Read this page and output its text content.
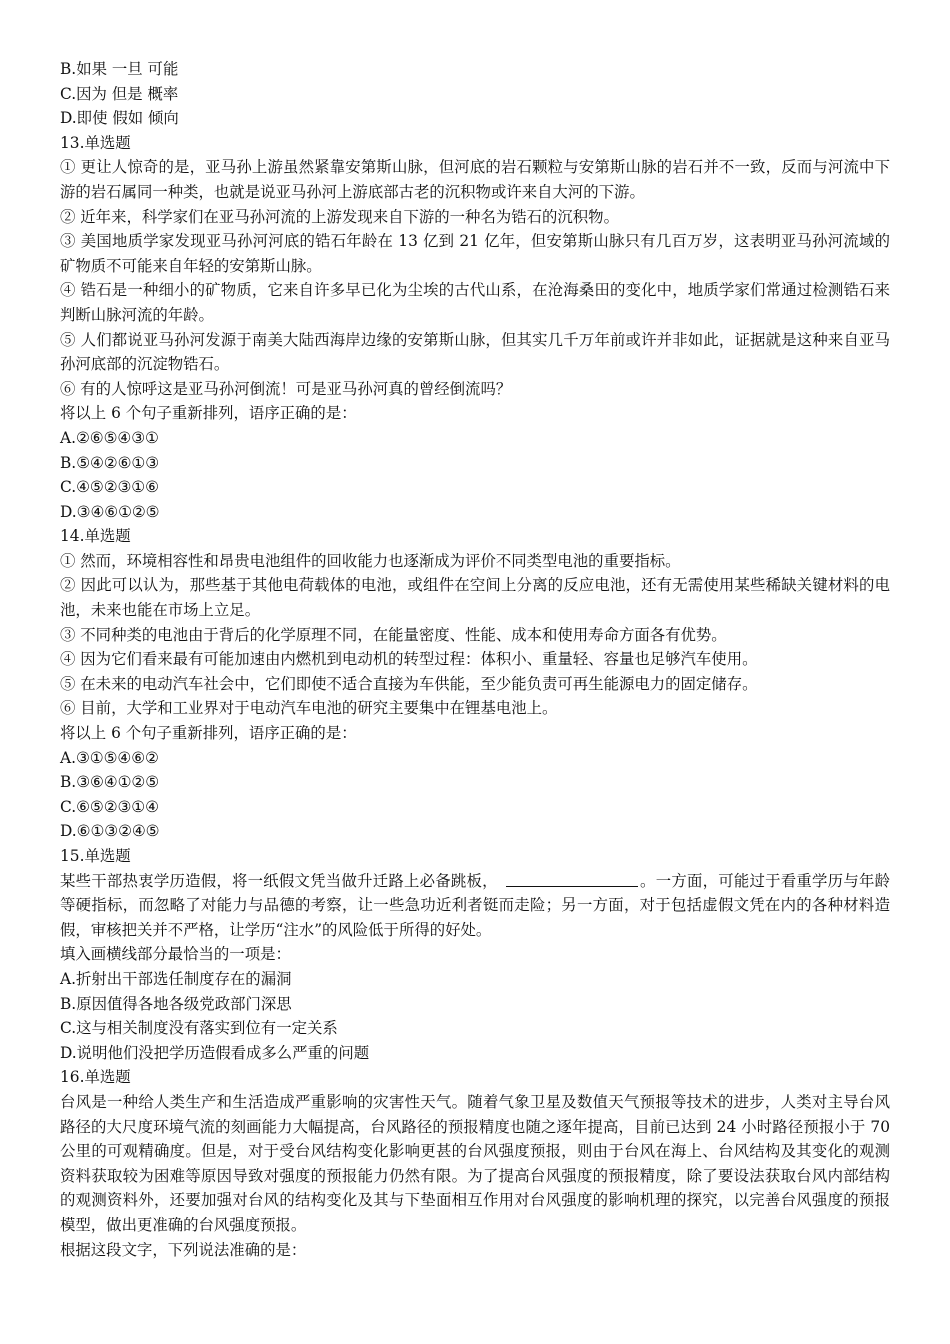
B.如果 一旦 可能
C.因为 但是 概率
D.即使 假如 倾向
13.单选题
① 更让人惊奇的是，亚马孙上游虽然紧靠安第斯山脉，但河底的岩石颗粒与安第斯山脉的岩石并不一致，反而与河流中下游的岩石属同一种类，也就是说亚马孙河上游底部古老的沉积物或许来自大河的下游。
② 近年来，科学家们在亚马孙河流的上游发现来自下游的一种名为锆石的沉积物。
③ 美国地质学家发现亚马孙河河底的锆石年龄在 13 亿到 21 亿年，但安第斯山脉只有几百万岁，这表明亚马孙河流域的矿物质不可能来自年轻的安第斯山脉。
④ 锆石是一种细小的矿物质，它来自许多早已化为尘埃的古代山系，在沧海桑田的变化中，地质学家们常通过检测锆石来判断山脉河流的年龄。
⑤ 人们都说亚马孙河发源于南美大陆西海岸边缘的安第斯山脉，但其实几千万年前或许并非如此，证据就是这种来自亚马孙河底部的沉淀物锆石。
⑥ 有的人惊呼这是亚马孙河倒流！可是亚马孙河真的曾经倒流吗？
将以上 6 个句子重新排列，语序正确的是：
A.②⑥⑤④③①
B.⑤④②⑥①③
C.④⑤②③①⑥
D.③④⑥①②⑤
14.单选题
① 然而，环境相容性和昂贵电池组件的回收能力也逐渐成为评价不同类型电池的重要指标。
② 因此可以认为，那些基于其他电荷载体的电池，或组件在空间上分离的反应电池，还有无需使用某些稀缺关键材料的电池，未来也能在市场上立足。
③ 不同种类的电池由于背后的化学原理不同，在能量密度、性能、成本和使用寿命方面各有优势。
④ 因为它们看来最有可能加速由内燃机到电动机的转型过程：体积小、重量轻、容量也足够汽车使用。
⑤ 在未来的电动汽车社会中，它们即使不适合直接为车供能，至少能负责可再生能源电力的固定储存。
⑥ 目前，大学和工业界对于电动汽车电池的研究主要集中在锂基电池上。
将以上 6 个句子重新排列，语序正确的是：
A.③①⑤④⑥②
B.③⑥④①②⑤
C.⑥⑤②③①④
D.⑥①③②④⑤
15.单选题
某些干部热衷学历造假，将一纸假文凭当做升迁路上必备跳板，	。一方面，可能过于看重学历与年龄等硬指标，而忽略了对能力与品德的考察，让一些急功近利者铤而走险；另一方面，对于包括虚假文凭在内的各种材料造假，审核把关并不严格，让学历“注水”的风险低于所得的好处。
填入画横线部分最恰当的一项是：
A.折射出干部选任制度存在的漏洞
B.原因值得各地各级党政部门深思
C.这与相关制度没有落实到位有一定关系
D.说明他们没把学历造假看成多么严重的问题
16.单选题
台风是一种给人类生产和生活造成严重影响的灾害性天气。随着气象卫星及数值天气预报等技术的进步，人类对主导台风路径的大尺度环境气流的刻画能力大幅提高，台风路径的预报精度也随之逐年提高，目前已达到 24 小时路径预报小于 70 公里的可观精确度。但是，对于受台风结构变化影响更甚的台风强度预报，则由于台风在海上、台风结构及其变化的观测资料获取较为困难等原因导致对强度的预报能力仍然有限。为了提高台风强度的预报精度，除了要设法获取台风内部结构的观测资料外，还要加强对台风的结构变化及其与下垫面相互作用对台风强度的影响机理的探究，以完善台风强度的预报模型，做出更准确的台风强度预报。
根据这段文字，下列说法准确的是：
